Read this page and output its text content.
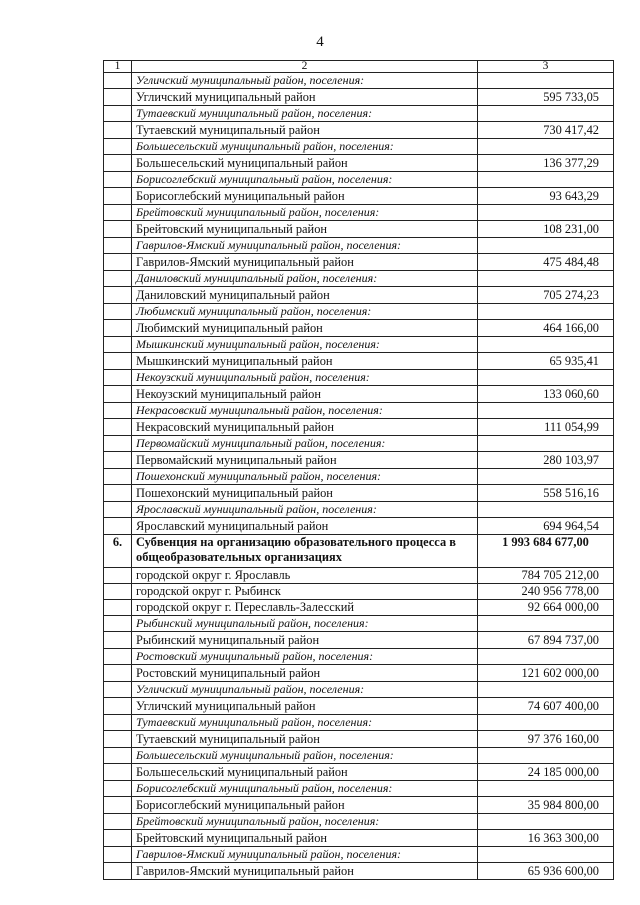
4
1	2	3
	Угличский муниципальный район, поселения:	
	Угличский муниципальный район	595 733,05
	Тутаевский муниципальный район, поселения:	
	Тутаевский муниципальный район	730 417,42
	Большесельский муниципальный район, поселения:	
	Большесельский муниципальный район	136 377,29
	Борисоглебский муниципальный район, поселения:	
	Борисоглебский муниципальный район	93 643,29
	Брейтовский муниципальный район, поселения:	
	Брейтовский муниципальный район	108 231,00
	Гаврилов-Ямский муниципальный район, поселения:	
	Гаврилов-Ямский муниципальный район	475 484,48
	Даниловский муниципальный район, поселения:	
	Даниловский муниципальный район	705 274,23
	Любимский муниципальный район, поселения:	
	Любимский муниципальный район	464 166,00
	Мышкинский муниципальный район, поселения:	
	Мышкинский муниципальный район	65 935,41
	Некоузский муниципальный район, поселения:	
	Некоузский муниципальный район	133 060,60
	Некрасовский муниципальный район, поселения:	
	Некрасовский муниципальный район	111 054,99
	Первомайский муниципальный район, поселения:	
	Первомайский муниципальный район	280 103,97
	Пошехонский муниципальный район, поселения:	
	Пошехонский муниципальный район	558 516,16
	Ярославский муниципальный район, поселения:	
	Ярославский муниципальный район	694 964,54
6.	Субвенция на организацию образовательного процесса в общеобразовательных организациях	1 993 684 677,00
	городской округ г. Ярославль	784 705 212,00
	городской округ г. Рыбинск	240 956 778,00
	городской округ г. Переславль-Залесский	92 664 000,00
	Рыбинский муниципальный район, поселения:	
	Рыбинский муниципальный район	67 894 737,00
	Ростовский муниципальный район, поселения:	
	Ростовский муниципальный район	121 602 000,00
	Угличский муниципальный район, поселения:	
	Угличский муниципальный район	74 607 400,00
	Тутаевский муниципальный район, поселения:	
	Тутаевский муниципальный район	97 376 160,00
	Большесельский муниципальный район, поселения:	
	Большесельский муниципальный район	24 185 000,00
	Борисоглебский муниципальный район, поселения:	
	Борисоглебский муниципальный район	35 984 800,00
	Брейтовский муниципальный район, поселения:	
	Брейтовский муниципальный район	16 363 300,00
	Гаврилов-Ямский муниципальный район, поселения:	
	Гаврилов-Ямский муниципальный район	65 936 600,00
